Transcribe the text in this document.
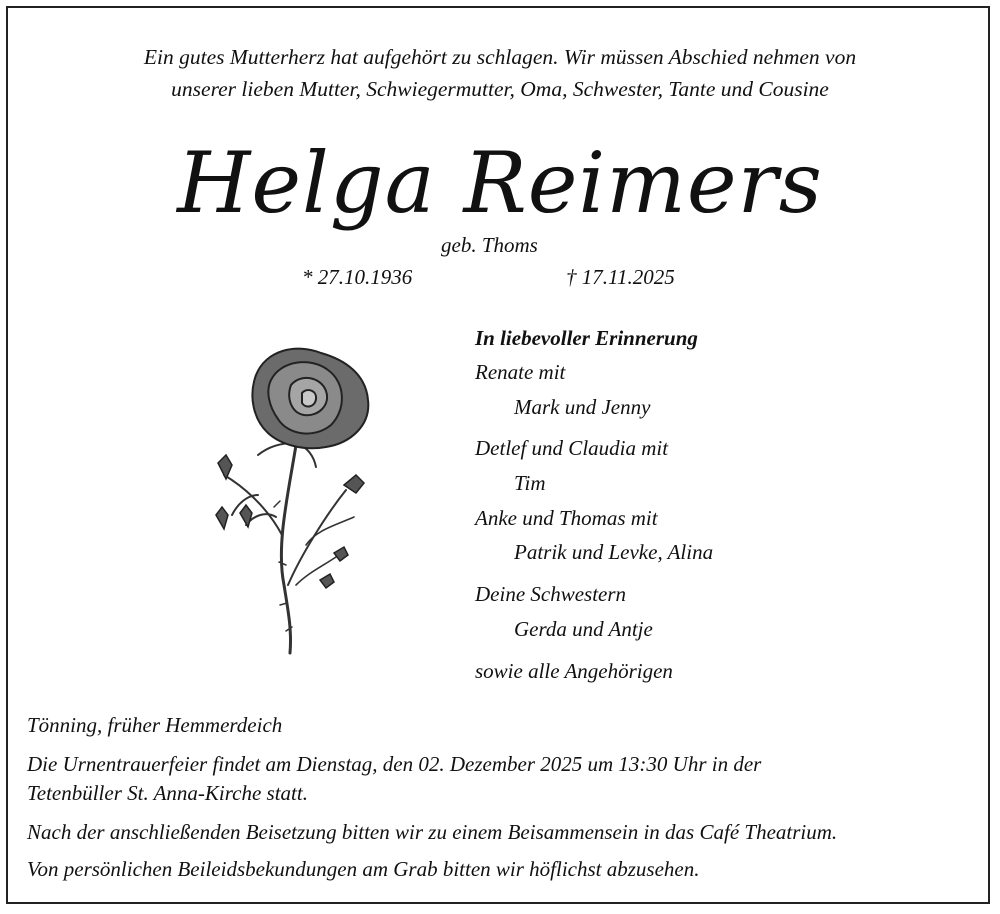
Ein gutes Mutterherz hat aufgehört zu schlagen. Wir müssen Abschied nehmen von
unserer lieben Mutter, Schwiegermutter, Oma, Schwester, Tante und Cousine
Helga Reimers
geb. Thoms
* 27.10.1936	† 17.11.2025
In liebevoller Erinnerung
Renate mit
Mark und Jenny
Detlef und Claudia mit
Tim
Anke und Thomas mit
Patrik und Levke, Alina
Deine Schwestern
Gerda und Antje
sowie alle Angehörigen
Tönning, früher Hemmerdeich
Die Urnentrauerfeier findet am Dienstag, den 02. Dezember 2025 um 13:30 Uhr in der
Tetenbüller St. Anna-Kirche statt.
Nach der anschließenden Beisetzung bitten wir zu einem Beisammensein in das Café Theatrium.
Von persönlichen Beileidsbekundungen am Grab bitten wir höflichst abzusehen.
